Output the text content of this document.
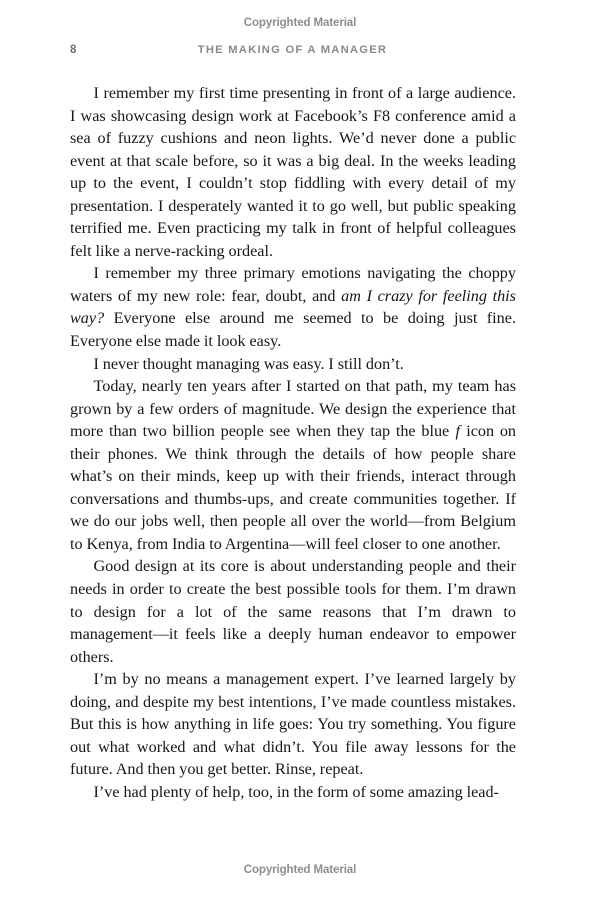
Copyrighted Material
8	THE MAKING OF A MANAGER

I remember my first time presenting in front of a large audience. I was showcasing design work at Facebook’s F8 conference amid a sea of fuzzy cushions and neon lights. We’d never done a public event at that scale before, so it was a big deal. In the weeks leading up to the event, I couldn’t stop fiddling with every detail of my presentation. I desperately wanted it to go well, but public speaking terrified me. Even practicing my talk in front of helpful colleagues felt like a nerve-racking ordeal.

I remember my three primary emotions navigating the choppy waters of my new role: fear, doubt, and am I crazy for feeling this way? Everyone else around me seemed to be doing just fine. Everyone else made it look easy.

I never thought managing was easy. I still don’t.

Today, nearly ten years after I started on that path, my team has grown by a few orders of magnitude. We design the experience that more than two billion people see when they tap the blue f icon on their phones. We think through the details of how people share what’s on their minds, keep up with their friends, interact through conversations and thumbs-ups, and create communities together. If we do our jobs well, then people all over the world—from Belgium to Kenya, from India to Argentina—will feel closer to one another.

Good design at its core is about understanding people and their needs in order to create the best possible tools for them. I’m drawn to design for a lot of the same reasons that I’m drawn to management—it feels like a deeply human endeavor to empower others.

I’m by no means a management expert. I’ve learned largely by doing, and despite my best intentions, I’ve made countless mistakes. But this is how anything in life goes: You try something. You figure out what worked and what didn’t. You file away lessons for the future. And then you get better. Rinse, repeat.

I’ve had plenty of help, too, in the form of some amazing lead-

Copyrighted Material
